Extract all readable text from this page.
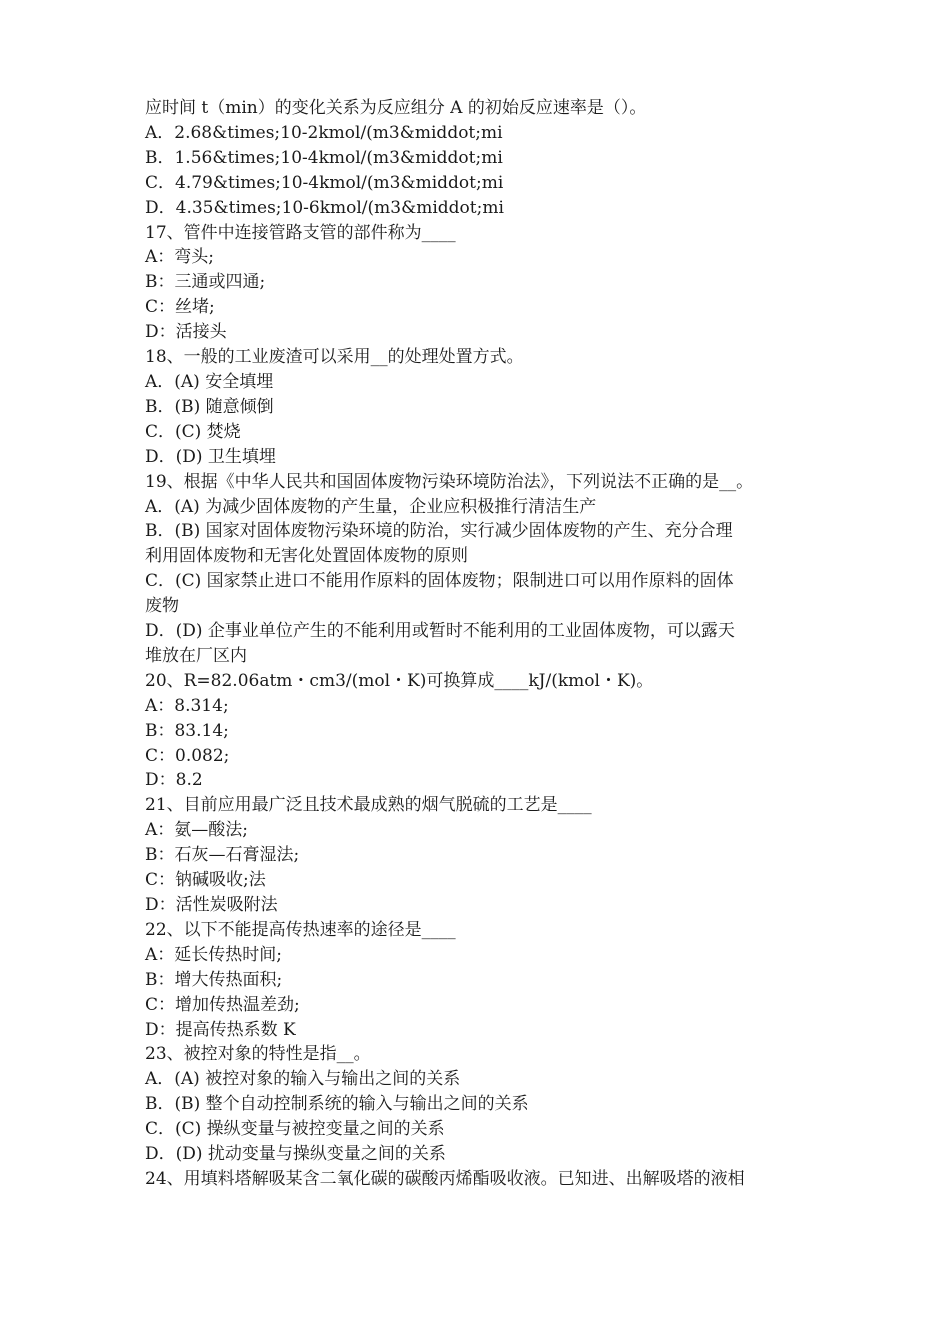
应时间 t（min）的变化关系为反应组分 A 的初始反应速率是（）。
A．2.68&times;10-2kmol/(m3&middot;mi
B．1.56&times;10-4kmol/(m3&middot;mi
C．4.79&times;10-4kmol/(m3&middot;mi
D．4.35&times;10-6kmol/(m3&middot;mi
17、管件中连接管路支管的部件称为____
A：弯头;
B：三通或四通;
C：丝堵;
D：活接头
18、一般的工业废渣可以采用__的处理处置方式。
A．(A) 安全填埋
B．(B) 随意倾倒
C．(C) 焚烧
D．(D) 卫生填埋
19、根据《中华人民共和国固体废物污染环境防治法》，下列说法不正确的是__。
A．(A) 为减少固体废物的产生量，企业应积极推行清洁生产
B．(B) 国家对固体废物污染环境的防治，实行减少固体废物的产生、充分合理
利用固体废物和无害化处置固体废物的原则
C．(C) 国家禁止进口不能用作原料的固体废物；限制进口可以用作原料的固体
废物
D．(D) 企事业单位产生的不能利用或暂时不能利用的工业固体废物，可以露天
堆放在厂区内
20、R=82.06atm・cm3/(mol・K)可换算成____kJ/(kmol・K)。
A：8.314;
B：83.14;
C：0.082;
D：8.2
21、目前应用最广泛且技术最成熟的烟气脱硫的工艺是____
A：氨—酸法;
B：石灰—石膏湿法;
C：钠碱吸收;法
D：活性炭吸附法
22、以下不能提高传热速率的途径是____
A：延长传热时间;
B：增大传热面积;
C：增加传热温差劲;
D：提高传热系数 K
23、被控对象的特性是指__。
A．(A) 被控对象的输入与输出之间的关系
B．(B) 整个自动控制系统的输入与输出之间的关系
C．(C) 操纵变量与被控变量之间的关系
D．(D) 扰动变量与操纵变量之间的关系
24、用填料塔解吸某含二氧化碳的碳酸丙烯酯吸收液。已知进、出解吸塔的液相
